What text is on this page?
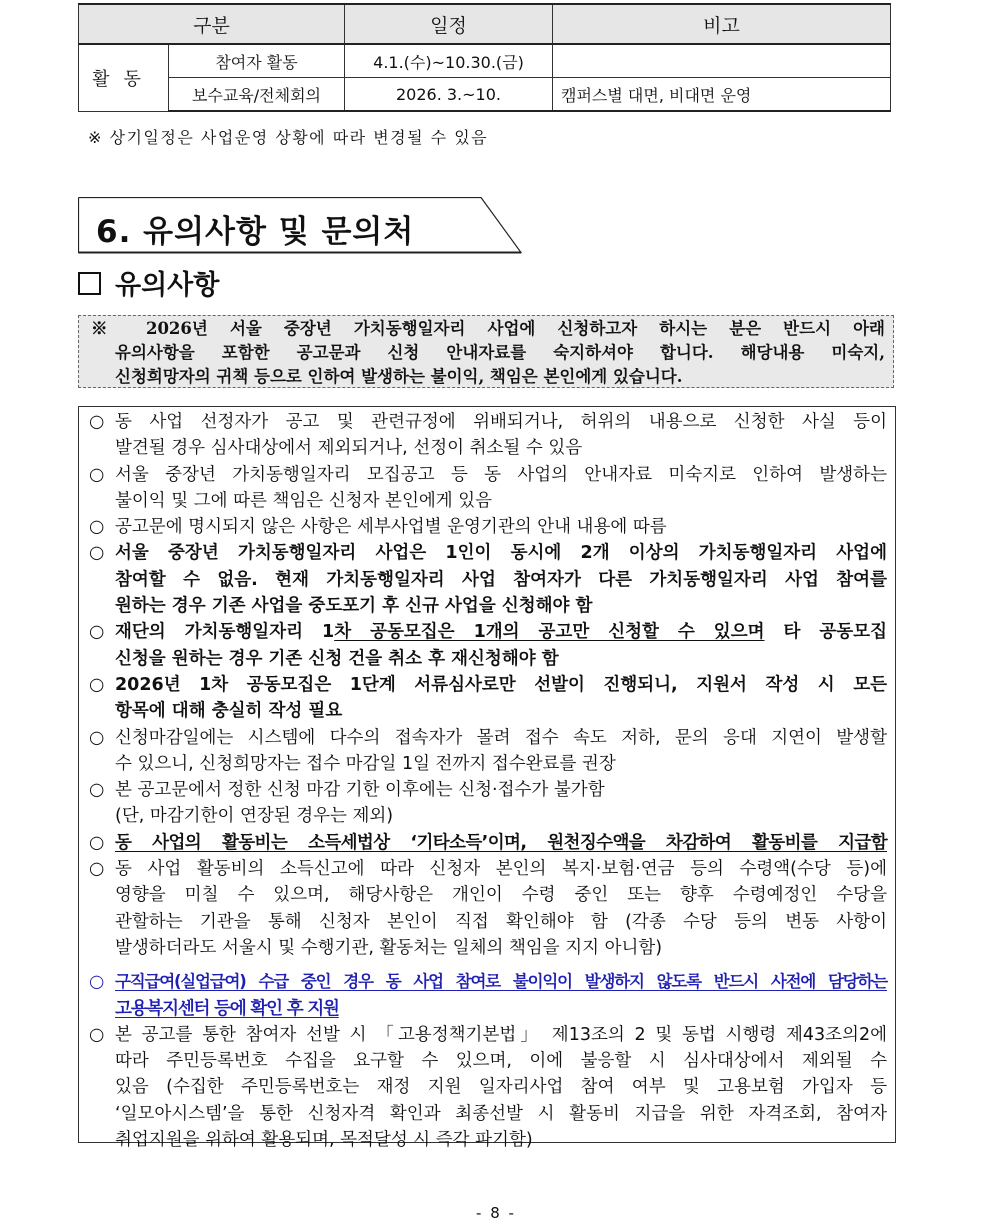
구분		일정	비고
활동	참여자 활동	4.1.(수)~10.30.(금)	
	보수교육/전체회의	2026. 3.~10.	캠퍼스별 대면, 비대면 운영
※ 상기일정은 사업운영 상황에 따라 변경될 수 있음
6. 유의사항 및 문의처
유의사항
※ 2026년 서울 중장년 가치동행일자리 사업에 신청하고자 하시는 분은 반드시 아래
유의사항을 포함한 공고문과 신청 안내자료를 숙지하셔야 합니다. 해당내용 미숙지,
신청희망자의 귀책 등으로 인하여 발생하는 불이익, 책임은 본인에게 있습니다.
○ 동 사업 선정자가 공고 및 관련규정에 위배되거나, 허위의 내용으로 신청한 사실 등이
발견될 경우 심사대상에서 제외되거나, 선정이 취소될 수 있음
○ 서울 중장년 가치동행일자리 모집공고 등 동 사업의 안내자료 미숙지로 인하여 발생하는
불이익 및 그에 따른 책임은 신청자 본인에게 있음
○ 공고문에 명시되지 않은 사항은 세부사업별 운영기관의 안내 내용에 따름
○ 서울 중장년 가치동행일자리 사업은 1인이 동시에 2개 이상의 가치동행일자리 사업에
참여할 수 없음. 현재 가치동행일자리 사업 참여자가 다른 가치동행일자리 사업 참여를
원하는 경우 기존 사업을 중도포기 후 신규 사업을 신청해야 함
○ 재단의 가치동행일자리 1차 공동모집은 1개의 공고만 신청할 수 있으며 타 공동모집
신청을 원하는 경우 기존 신청 건을 취소 후 재신청해야 함
○ 2026년 1차 공동모집은 1단계 서류심사로만 선발이 진행되니, 지원서 작성 시 모든
항목에 대해 충실히 작성 필요
○ 신청마감일에는 시스템에 다수의 접속자가 몰려 접수 속도 저하, 문의 응대 지연이 발생할
수 있으니, 신청희망자는 접수 마감일 1일 전까지 접수완료를 권장
○ 본 공고문에서 정한 신청 마감 기한 이후에는 신청·접수가 불가함
(단, 마감기한이 연장된 경우는 제외)
○ 동 사업의 활동비는 소득세법상 ‘기타소득’이며, 원천징수액을 차감하여 활동비를 지급함
○ 동 사업 활동비의 소득신고에 따라 신청자 본인의 복지·보험·연금 등의 수령액(수당 등)에
영향을 미칠 수 있으며, 해당사항은 개인이 수령 중인 또는 향후 수령예정인 수당을
관할하는 기관을 통해 신청자 본인이 직접 확인해야 함 (각종 수당 등의 변동 사항이
발생하더라도 서울시 및 수행기관, 활동처는 일체의 책임을 지지 아니함)
○ 구직급여(실업급여) 수급 중인 경우 동 사업 참여로 불이익이 발생하지 않도록 반드시 사전에 담당하는
고용복지센터 등에 확인 후 지원
○ 본 공고를 통한 참여자 선발 시 「고용정책기본법」 제13조의 2 및 동법 시행령 제43조의2에
따라 주민등록번호 수집을 요구할 수 있으며, 이에 불응할 시 심사대상에서 제외될 수
있음 (수집한 주민등록번호는 재정 지원 일자리사업 참여 여부 및 고용보험 가입자 등
‘일모아시스템’을 통한 신청자격 확인과 최종선발 시 활동비 지급을 위한 자격조회, 참여자
취업지원을 위하여 활용되며, 목적달성 시 즉각 파기함)
- 8 -
